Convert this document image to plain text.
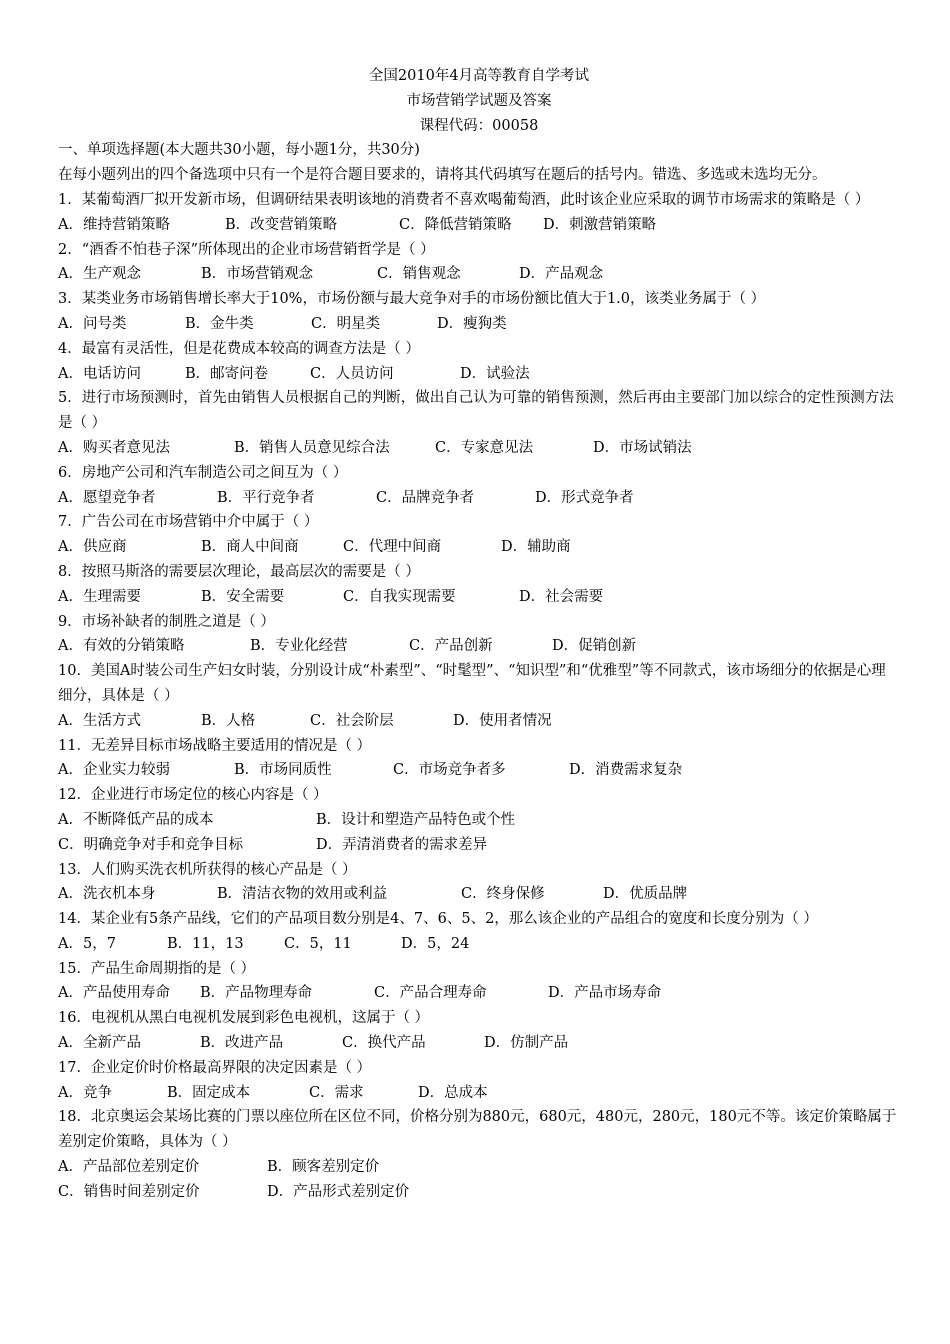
全国2010年4月高等教育自学考试
市场营销学试题及答案
课程代码：00058
一、单项选择题(本大题共30小题，每小题1分，共30分)
在每小题列出的四个备选项中只有一个是符合题目要求的，请将其代码填写在题后的括号内。错选、多选或未选均无分。
1．某葡萄酒厂拟开发新市场，但调研结果表明该地的消费者不喜欢喝葡萄酒，此时该企业应采取的调节市场需求的策略是（ ）
A．维持营销策略	B．改变营销策略	C．降低营销策略	D．刺激营销策略
2．“酒香不怕巷子深”所体现出的企业市场营销哲学是（ ）
A．生产观念	B．市场营销观念	C．销售观念	D．产品观念
3．某类业务市场销售增长率大于10%，市场份额与最大竞争对手的市场份额比值大于1.0，该类业务属于（ ）
A．问号类	B．金牛类	C．明星类	D．瘦狗类
4．最富有灵活性，但是花费成本较高的调查方法是（ ）
A．电话访问	B．邮寄问卷	C．人员访问	D．试验法
5．进行市场预测时，首先由销售人员根据自己的判断，做出自己认为可靠的销售预测，然后再由主要部门加以综合的定性预测方法是（ ）
A．购买者意见法	B．销售人员意见综合法	C．专家意见法	D．市场试销法
6．房地产公司和汽车制造公司之间互为（ ）
A．愿望竞争者	B．平行竞争者	C．品牌竞争者	D．形式竞争者
7．广告公司在市场营销中介中属于（ ）
A．供应商	B．商人中间商	C．代理中间商	D．辅助商
8．按照马斯洛的需要层次理论，最高层次的需要是（ ）
A．生理需要	B．安全需要	C．自我实现需要	D．社会需要
9．市场补缺者的制胜之道是（ ）
A．有效的分销策略	B．专业化经营	C．产品创新	D．促销创新
10．美国A时装公司生产妇女时装，分别设计成“朴素型”、“时髦型”、“知识型”和“优雅型”等不同款式，该市场细分的依据是心理细分，具体是（ ）
A．生活方式	B．人格	C．社会阶层	D．使用者情况
11．无差异目标市场战略主要适用的情况是（ ）
A．企业实力较弱	B．市场同质性	C．市场竞争者多	D．消费需求复杂
12．企业进行市场定位的核心内容是（ ）
A．不断降低产品的成本	B．设计和塑造产品特色或个性
C．明确竞争对手和竞争目标	D．弄清消费者的需求差异
13．人们购买洗衣机所获得的核心产品是（ ）
A．洗衣机本身	B．清洁衣物的效用或利益	C．终身保修	D．优质品牌
14．某企业有5条产品线，它们的产品项目数分别是4、7、6、5、2，那么该企业的产品组合的宽度和长度分别为（ ）
A．5，7	B．11，13	C．5，11	D．5，24
15．产品生命周期指的是（ ）
A．产品使用寿命	B．产品物理寿命	C．产品合理寿命	D．产品市场寿命
16．电视机从黑白电视机发展到彩色电视机，这属于（ ）
A．全新产品	B．改进产品	C．换代产品	D．仿制产品
17．企业定价时价格最高界限的决定因素是（ ）
A．竞争	B．固定成本	C．需求	D．总成本
18．北京奥运会某场比赛的门票以座位所在区位不同，价格分别为880元，680元，480元，280元，180元不等。该定价策略属于差别定价策略，具体为（ ）
A．产品部位差别定价	B．顾客差别定价
C．销售时间差别定价	D．产品形式差别定价
